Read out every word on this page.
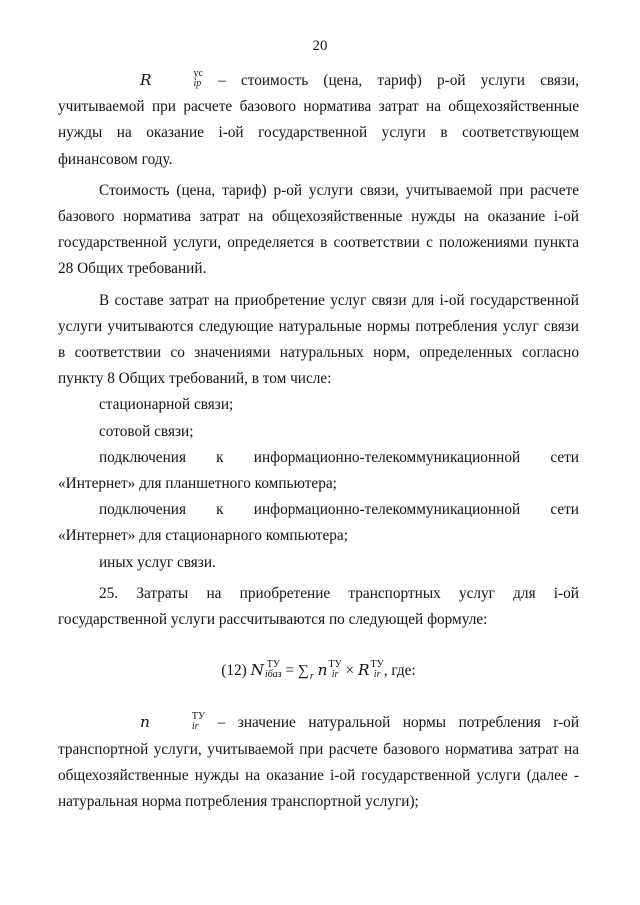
20

R	ус
ip – стоимость (цена, тариф) p-ой услуги связи, учитываемой при расчете базового норматива затрат на общехозяйственные нужды на оказание i-ой государственной услуги в соответствующем финансовом году.

Стоимость (цена, тариф) p-ой услуги связи, учитываемой при расчете базового норматива затрат на общехозяйственные нужды на оказание i-ой государственной услуги, определяется в соответствии с положениями пункта 28 Общих требований.

В составе затрат на приобретение услуг связи для i-ой государственной услуги учитываются следующие натуральные нормы потребления услуг связи в соответствии со значениями натуральных норм, определенных согласно пункту 8 Общих требований, в том числе:

стационарной связи;

сотовой связи;

подключения к информационно-телекоммуникационной сети «Интернет» для планшетного компьютера;

подключения к информационно-телекоммуникационной сети «Интернет» для стационарного компьютера;

иных услуг связи.

25. Затраты на приобретение транспортных услуг для i-ой государственной услуги рассчитываются по следующей формуле:

(12) N ТУ
iбаз = ∑ r n ТУ
ir × R ТУ
ir , где:

n	ТУ
ir	– значение натуральной нормы потребления r-ой транспортной услуги, учитываемой при расчете базового норматива затрат на общехозяйственные нужды на оказание i-ой государственной услуги (далее - натуральная норма потребления транспортной услуги);
